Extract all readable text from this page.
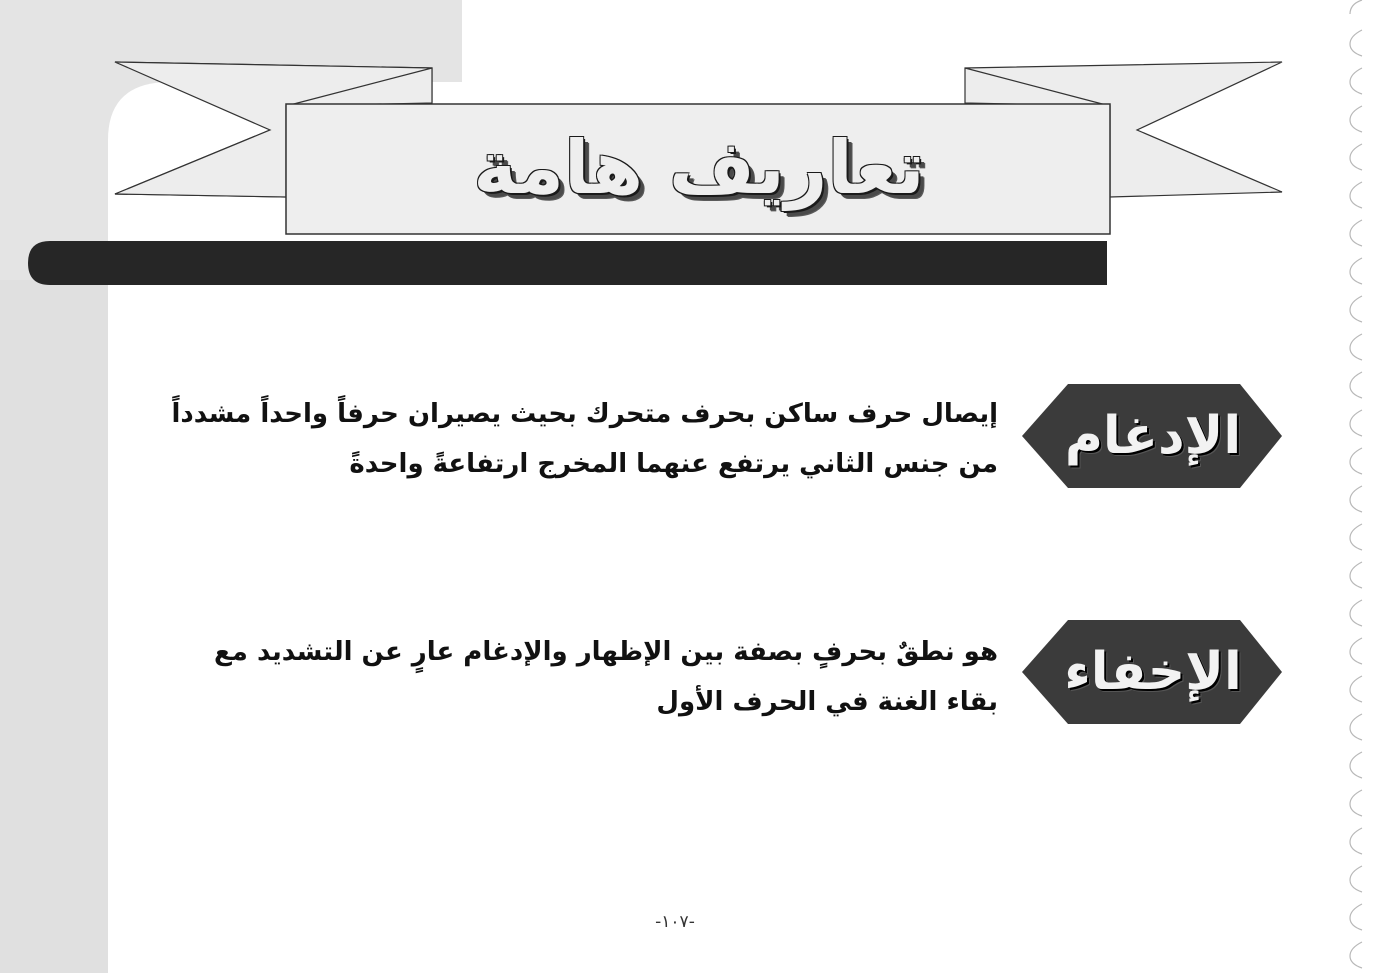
تعاريف هامة
الإدغام

إيصال حرف ساكن بحرف متحرك بحيث يصيران حرفاً واحداً مشدداً

من جنس الثاني يرتفع عنهما المخرج ارتفاعةً واحدةً

الإخفاء

هو نطقٌ بحرفٍ بصفة بين الإظهار والإدغام عارٍ عن التشديد مع

بقاء الغنة في الحرف الأول

-١٠٧-
